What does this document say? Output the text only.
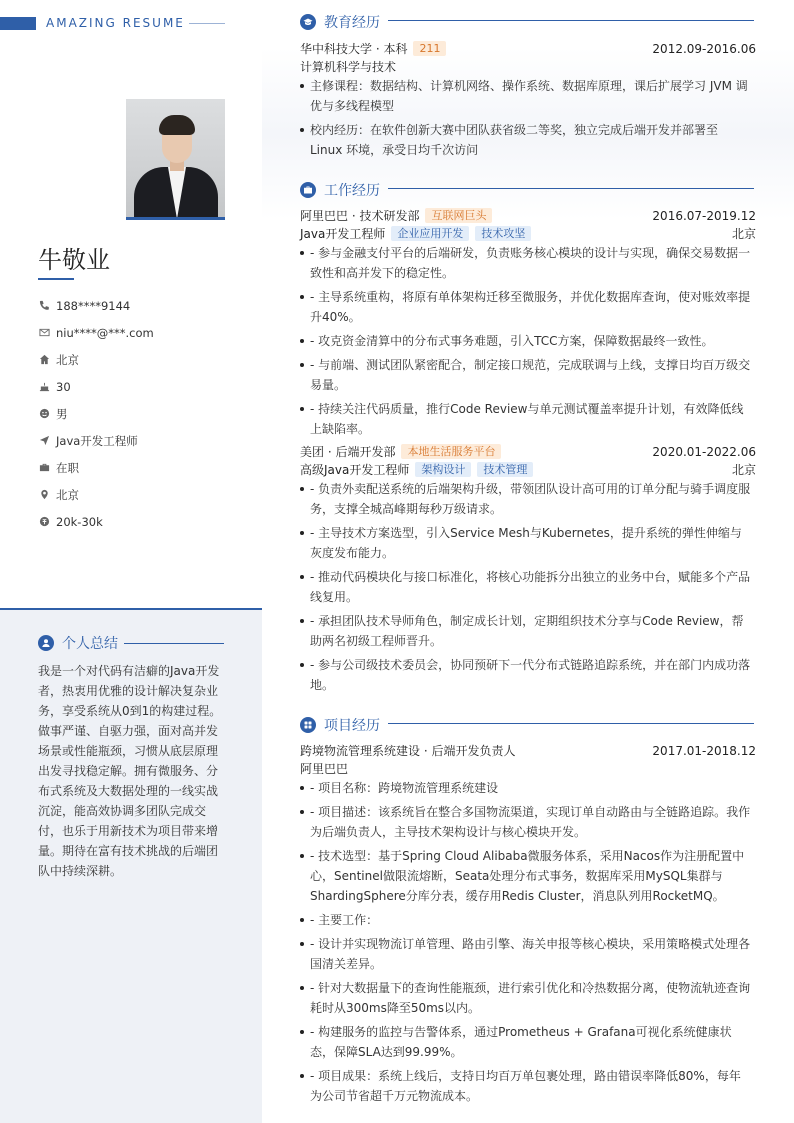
AMAZING RESUME
牛敬业
188****9144
niu****@***.com
北京
30
男
Java开发工程师
在职
北京
20k-30k
个人总结
我是一个对代码有洁癖的Java开发者，热衷用优雅的设计解决复杂业务，享受系统从0到1的构建过程。做事严谨、自驱力强，面对高并发场景或性能瓶颈，习惯从底层原理出发寻找稳定解。拥有微服务、分布式系统及大数据处理的一线实战沉淀，能高效协调多团队完成交付，也乐于用新技术为项目带来增量。期待在富有技术挑战的后端团队中持续深耕。
教育经历
华中科技大学 · 本科	211	2012.09-2016.06
计算机科学与技术
主修课程：数据结构、计算机网络、操作系统、数据库原理，课后扩展学习 JVM 调优与多线程模型
校内经历：在软件创新大赛中团队获省级二等奖，独立完成后端开发并部署至 Linux 环境，承受日均千次访问
工作经历
阿里巴巴 · 技术研发部	互联网巨头	2016.07-2019.12
Java开发工程师	企业应用开发	技术攻坚	北京
- 参与金融支付平台的后端研发，负责账务核心模块的设计与实现，确保交易数据一致性和高并发下的稳定性。
- 主导系统重构，将原有单体架构迁移至微服务，并优化数据库查询，使对账效率提升40%。
- 攻克资金清算中的分布式事务难题，引入TCC方案，保障数据最终一致性。
- 与前端、测试团队紧密配合，制定接口规范，完成联调与上线，支撑日均百万级交易量。
- 持续关注代码质量，推行Code Review与单元测试覆盖率提升计划，有效降低线上缺陷率。
美团 · 后端开发部	本地生活服务平台	2020.01-2022.06
高级Java开发工程师	架构设计	技术管理	北京
- 负责外卖配送系统的后端架构升级，带领团队设计高可用的订单分配与骑手调度服务，支撑全城高峰期每秒万级请求。
- 主导技术方案选型，引入Service Mesh与Kubernetes，提升系统的弹性伸缩与灰度发布能力。
- 推动代码模块化与接口标准化，将核心功能拆分出独立的业务中台，赋能多个产品线复用。
- 承担团队技术导师角色，制定成长计划，定期组织技术分享与Code Review，帮助两名初级工程师晋升。
- 参与公司级技术委员会，协同预研下一代分布式链路追踪系统，并在部门内成功落地。
项目经历
跨境物流管理系统建设 · 后端开发负责人	2017.01-2018.12
阿里巴巴
- 项目名称：跨境物流管理系统建设
- 项目描述：该系统旨在整合多国物流渠道，实现订单自动路由与全链路追踪。我作为后端负责人，主导技术架构设计与核心模块开发。
- 技术选型：基于Spring Cloud Alibaba微服务体系，采用Nacos作为注册配置中心，Sentinel做限流熔断，Seata处理分布式事务，数据库采用MySQL集群与ShardingSphere分库分表，缓存用Redis Cluster，消息队列用RocketMQ。
- 主要工作：
- 设计并实现物流订单管理、路由引擎、海关申报等核心模块，采用策略模式处理各国清关差异。
- 针对大数据量下的查询性能瓶颈，进行索引优化和冷热数据分离，使物流轨迹查询耗时从300ms降至50ms以内。
- 构建服务的监控与告警体系，通过Prometheus + Grafana可视化系统健康状态，保障SLA达到99.99%。
- 项目成果：系统上线后，支持日均百万单包裹处理，路由错误率降低80%，每年为公司节省超千万元物流成本。
